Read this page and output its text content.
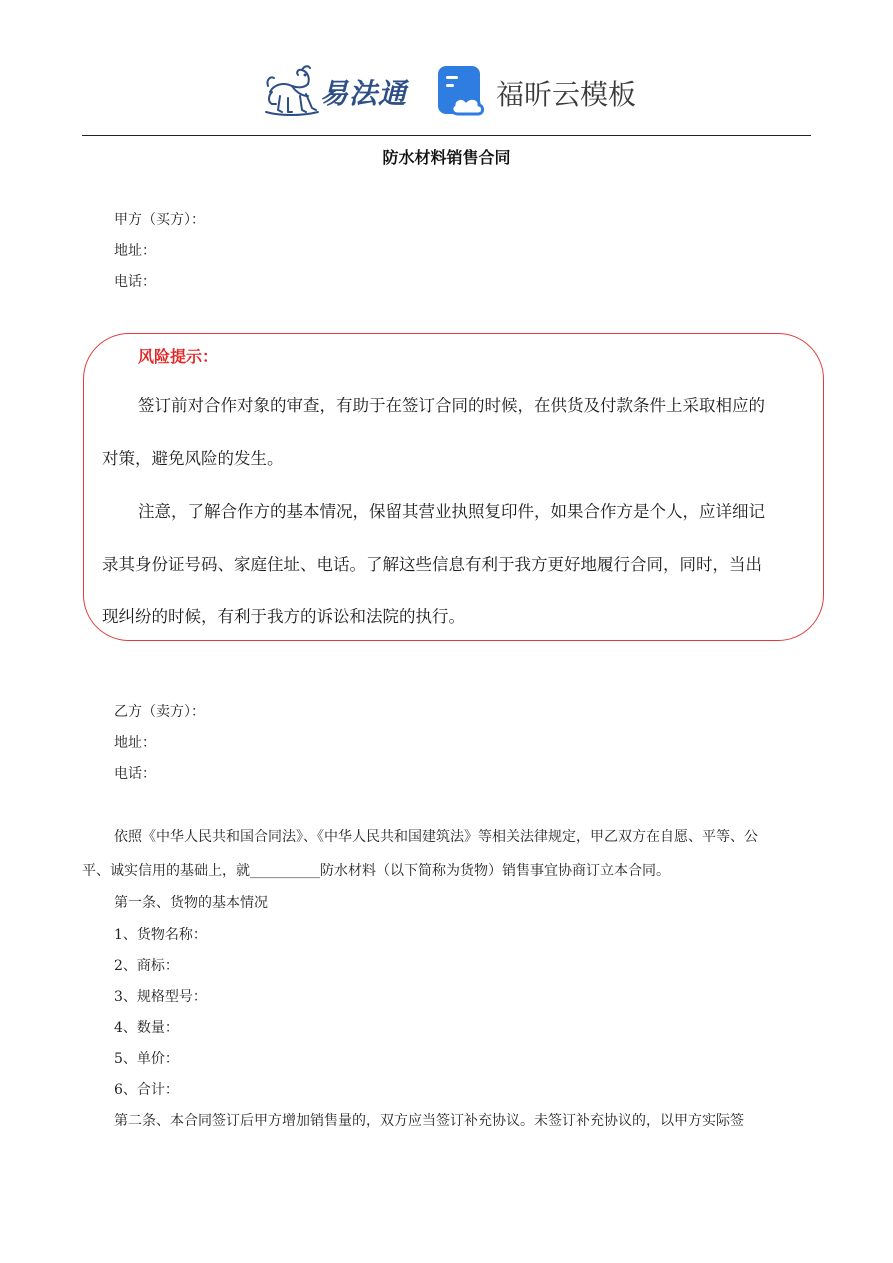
易法通	福昕云模板
防水材料销售合同
甲方（买方）：
地址：
电话：
风险提示：
签订前对合作对象的审查，有助于在签订合同的时候，在供货及付款条件上采取相应的
对策，避免风险的发生。
注意，了解合作方的基本情况，保留其营业执照复印件，如果合作方是个人，应详细记
录其身份证号码、家庭住址、电话。了解这些信息有利于我方更好地履行合同，同时，当出
现纠纷的时候，有利于我方的诉讼和法院的执行。
乙方（卖方）：
地址：
电话：
依照《中华人民共和国合同法》、《中华人民共和国建筑法》等相关法律规定，甲乙双方在自愿、平等、公
平、诚实信用的基础上，就__________防水材料（以下简称为货物）销售事宜协商订立本合同。
第一条、货物的基本情况
1、货物名称：
2、商标：
3、规格型号：
4、数量：
5、单价：
6、合计：
第二条、本合同签订后甲方增加销售量的，双方应当签订补充协议。未签订补充协议的，以甲方实际签
